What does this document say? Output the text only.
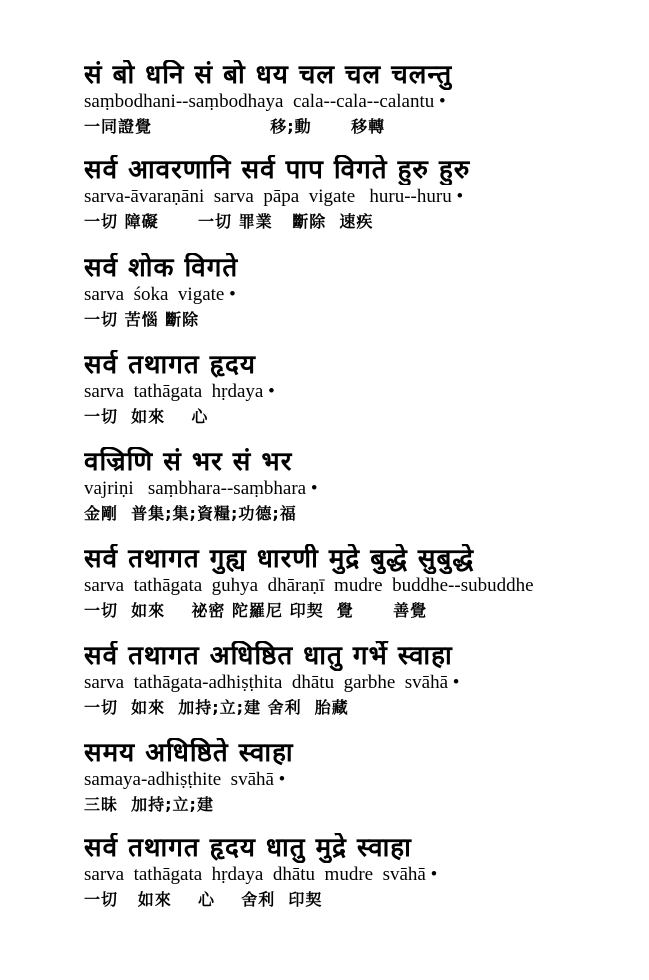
सं बो धनि सं बो धय चल चल चलन्तु
saṃbodhani--saṃbodhaya  cala--cala--calantu •
一同證覺                  移;動      移轉
सर्व आवरणानि सर्व पाप विगते हुरु हुरु
sarva-āvaraṇāni  sarva  pāpa  vigate   huru--huru •
一切 障礙      一切 罪業   斷除  速疾
सर्व शोक विगते
sarva  śoka  vigate •
一切 苦惱 斷除
सर्व तथागत हृदय
sarva  tathāgata  hṛdaya •
一切  如來    心
वज्रिणि सं भर सं भर
vajriṇi   saṃbhara--saṃbhara •
金剛  普集;集;資糧;功德;福
सर्व तथागत गुह्य धारणी मुद्रे बुद्धे सुबुद्धे
sarva  tathāgata  guhya  dhāraṇī  mudre  buddhe--subuddhe
一切  如來    祕密 陀羅尼 印契  覺      善覺
सर्व तथागत अधिष्ठित धातु गर्भे स्वाहा
sarva  tathāgata-adhiṣṭhita  dhātu  garbhe  svāhā •
一切  如來  加持;立;建 舍利  胎藏
समय अधिष्ठिते स्वाहा
samaya-adhiṣṭhite  svāhā •
三昧  加持;立;建
सर्व तथागत हृदय धातु मुद्रे स्वाहा
sarva  tathāgata  hṛdaya  dhātu  mudre  svāhā •
一切   如來    心    舍利  印契
